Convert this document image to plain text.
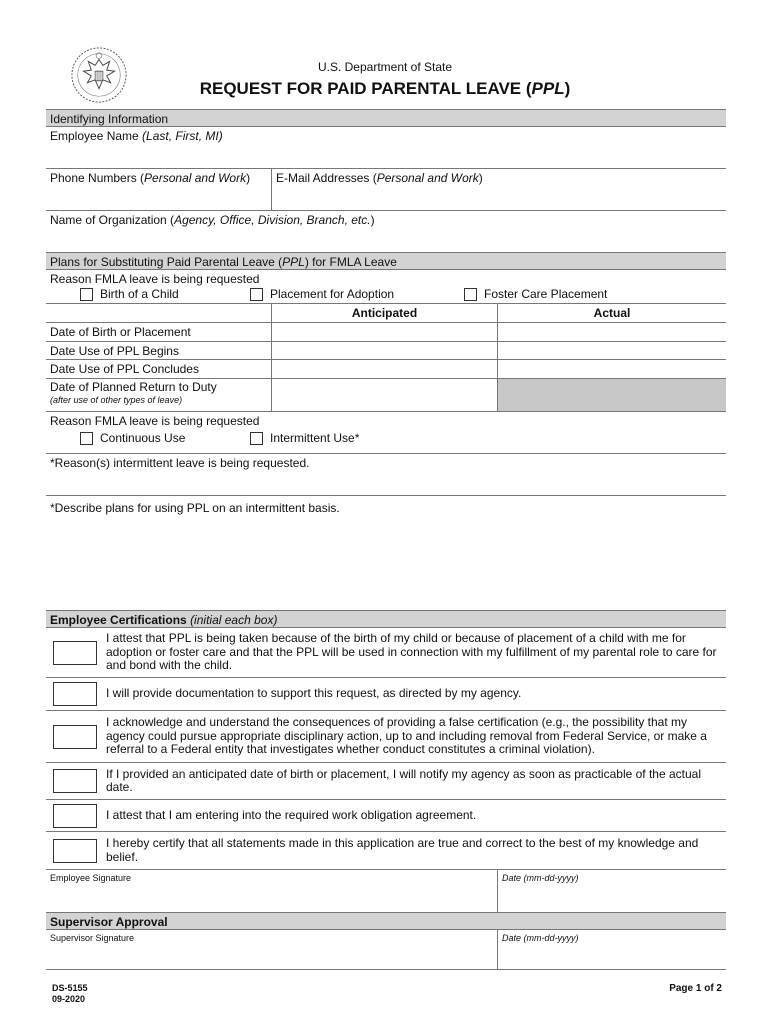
U.S. Department of State
REQUEST FOR PAID PARENTAL LEAVE (PPL)
Identifying Information
Employee Name (Last, First, MI)
Phone Numbers (Personal and Work)	E-Mail Addresses (Personal and Work)
Name of Organization (Agency, Office, Division, Branch, etc.)
Plans for Substituting Paid Parental Leave (PPL) for FMLA Leave
Reason FMLA leave is being requested
Birth of a Child	Placement for Adoption	Foster Care Placement
Anticipated	Actual
Date of Birth or Placement
Date Use of PPL Begins
Date Use of PPL Concludes
Date of Planned Return to Duty
(after use of other types of leave)
Reason FMLA leave is being requested
Continuous Use	Intermittent Use*
*Reason(s) intermittent leave is being requested.
*Describe plans for using PPL on an intermittent basis.
Employee Certifications (initial each box)
I attest that PPL is being taken because of the birth of my child or because of placement of a child with me for adoption or foster care and that the PPL will be used in connection with my fulfillment of my parental role to care for and bond with the child.
I will provide documentation to support this request, as directed by my agency.
I acknowledge and understand the consequences of providing a false certification (e.g., the possibility that my agency could pursue appropriate disciplinary action, up to and including removal from Federal Service, or make a referral to a Federal entity that investigates whether conduct constitutes a criminal violation).
If I provided an anticipated date of birth or placement, I will notify my agency as soon as practicable of the actual date.
I attest that I am entering into the required work obligation agreement.
I hereby certify that all statements made in this application are true and correct to the best of my knowledge and belief.
Employee Signature	Date (mm-dd-yyyy)
Supervisor Approval
Supervisor Signature	Date (mm-dd-yyyy)
DS-5155
09-2020
Page 1 of 2
